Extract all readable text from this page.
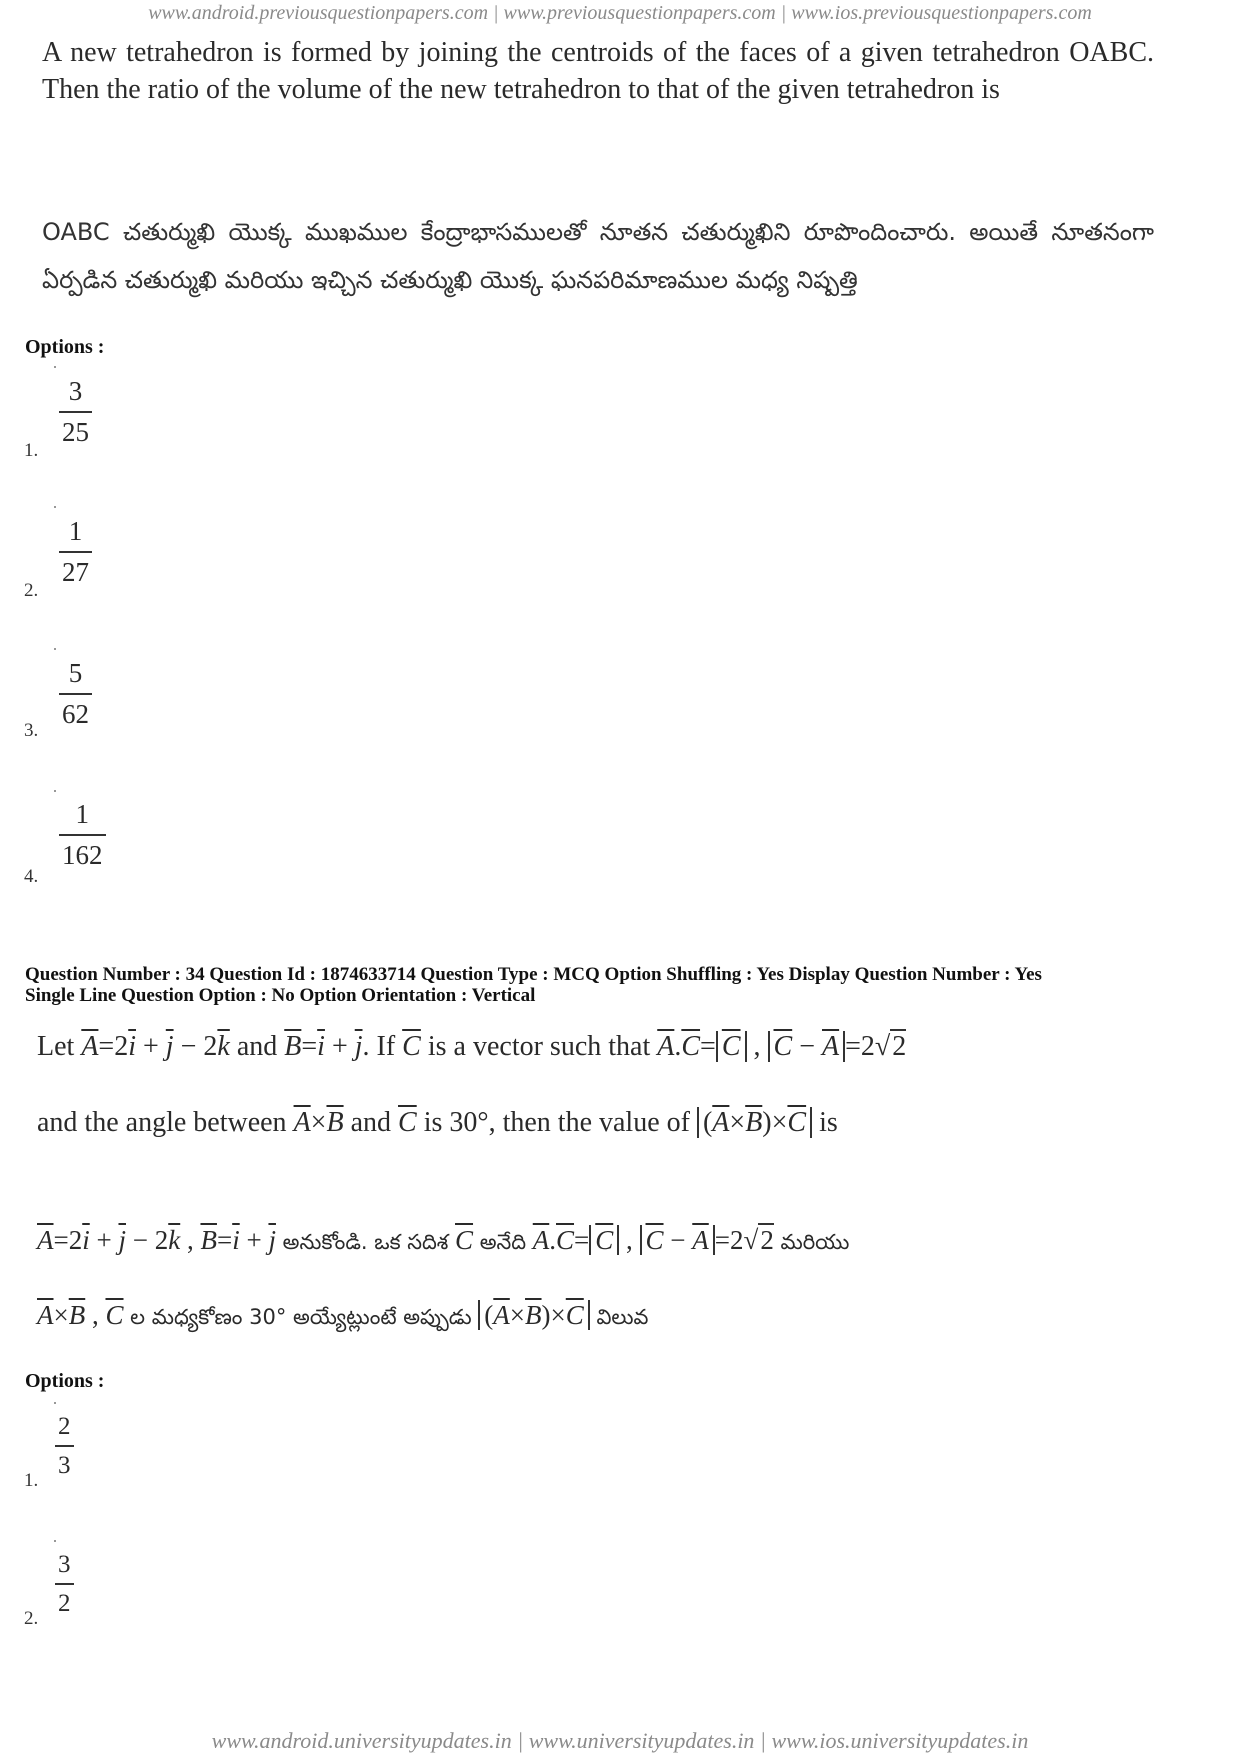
www.android.previousquestionpapers.com | www.previousquestionpapers.com | www.ios.previousquestionpapers.com
A new tetrahedron is formed by joining the centroids of the faces of a given tetrahedron OABC. Then the ratio of the volume of the new tetrahedron to that of the given tetrahedron is
OABC చతుర్ముఖి యొక్క ముఖముల కేంద్రాభాసములతో నూతన చతుర్ముఖిని రూపొందించారు. అయితే నూతనంగా ఏర్పడిన చతుర్ముఖి మరియు ఇచ్చిన చతుర్ముఖి యొక్క ఘనపరిమాణముల మధ్య నిష్పత్తి
Options :
$\frac{3}{25}$
1.
$\frac{1}{27}$
2.
$\frac{5}{62}$
3.
$\frac{1}{162}$
4.
Question Number : 34 Question Id : 1874633714 Question Type : MCQ Option Shuffling : Yes Display Question Number : Yes
Single Line Question Option : No Option Orientation : Vertical
Let $\overline{A}=2\overline{i} + \overline{j} - 2\overline{k}$ and $\overline{B}=\overline{i} + \overline{j}$. If $\overline{C}$ is a vector such that $\overline{A}.\overline{C}= \overline{C}$ , $\overline{C} - \overline{A} =2√2$
and the angle between $\overline{A}\times\overline{B}$ and $\overline{C}$ is 30°, then the value of $(\overline{A}\times\overline{B})\times\overline{C}$ is
$\overline{A}=2\overline{i} + \overline{j} - 2\overline{k}$ , $\overline{B}=\overline{i} + \overline{j}$ అనుకోండి. ఒక సదిశ $\overline{C}$ అనేది $\overline{A}.\overline{C}= \overline{C}$ , $\overline{C} - \overline{A} =2√2$ మరియు
$\overline{A}\times\overline{B}$ , $\overline{C}$ ల మధ్యకోణం 30° అయ్యేట్లుంటే అప్పుడు $(\overline{A}\times\overline{B})\times\overline{C}$ విలువ
Options :
$\frac{2}{3}$
1.
$\frac{3}{2}$
2.
www.android.universityupdates.in | www.universityupdates.in | www.ios.universityupdates.in
